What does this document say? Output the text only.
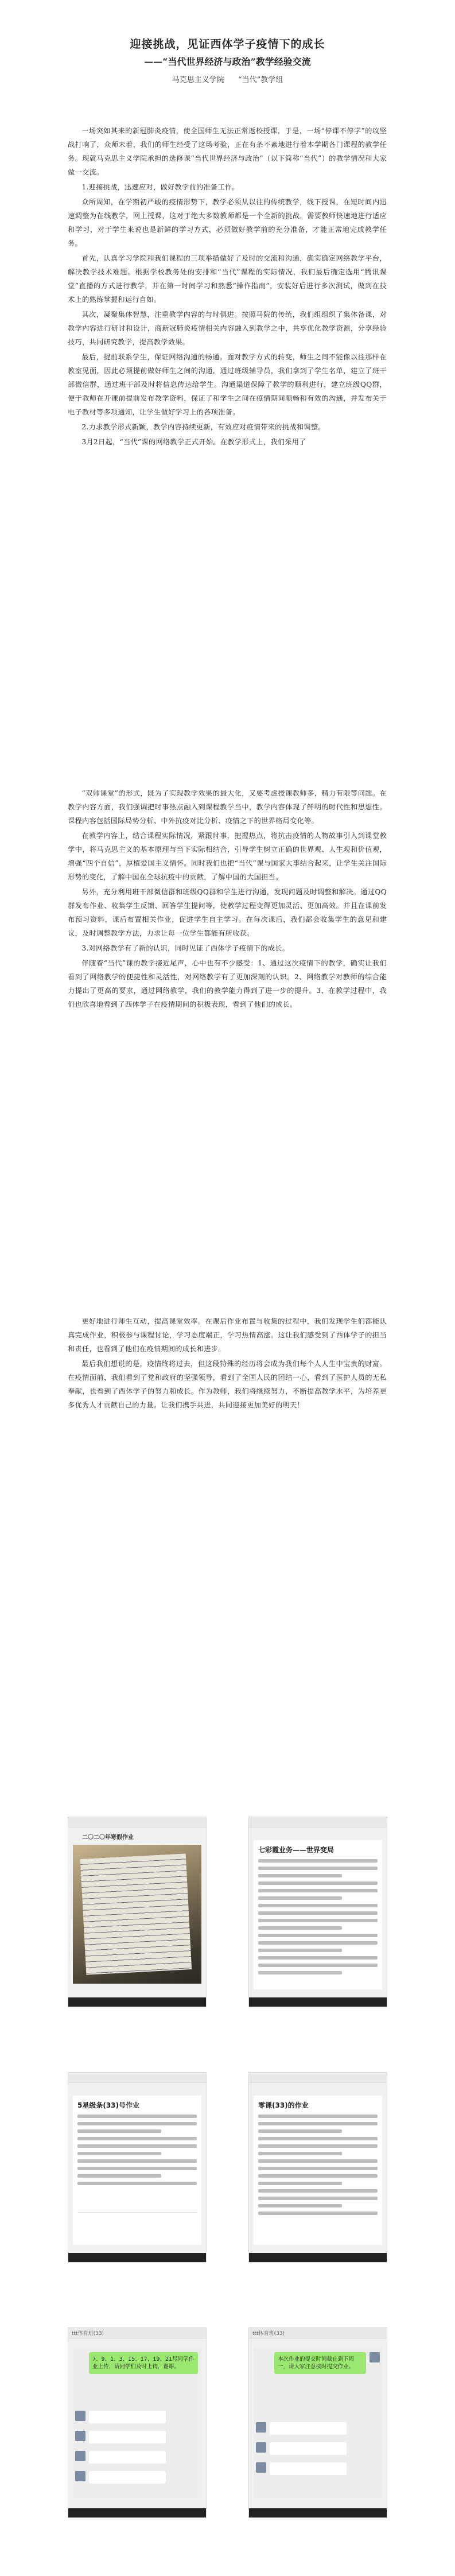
迎接挑战，见证西体学子疫情下的成长
——“当代世界经济与政治”教学经验交流
马克思主义学院 “当代”教学组

一场突如其来的新冠肺炎疫情，使全国师生无法正常返校授课，于是，一场“停课不停学”的攻坚战打响了，众师未着，我们的师生经受了这场考验，正在有条不紊地进行着本学期各门课程的教学任务。现就马克思主义学院承担的选修课“当代世界经济与政治”（以下简称“当代”）的教学情况和大家做一交流。

1.迎接挑战，迅速应对，做好教学前的准备工作。

众所周知，在学期初严峻的疫情形势下，教学必须从以往的传统教学，线下授课，在短时间内迅速调整为在线教学，网上授课，这对于绝大多数教师都是一个全新的挑战，需要教师快速地进行适应和学习，对于学生来说也是新鲜的学习方式，必须做好教学前的充分准备，才能正常地完成教学任务。

首先，认真学习学院和我们课程的三项举措做好了及时的交流和沟通，确实确定网络教学平台，解决教学技术难题。根据学校教务处的安排和“当代”课程的实际情况，我们最后确定选用“腾讯课堂”直播的方式进行教学，并在第一时间学习和熟悉“操作指南”，安装好后进行多次测试，做到在技术上的熟练掌握和运行自如。

其次，凝聚集体智慧，注重教学内容的与时俱进。按照马院的传统，我们组组织了集体备课，对教学内容进行研讨和设计，商新冠肺炎疫情相关内容融入到教学之中，共享优化教学资源，分享经验技巧，共同研究教学，提高教学效果。

最后，提前联系学生，保证网络沟通的畅通。面对教学方式的转变，师生之间不能像以往那样在教室见面，因此必须提前做好师生之间的沟通，通过班级辅导员，我们拿到了学生名单，建立了班干部微信群，通过班干部及时将信息传达给学生。沟通渠道保障了教学的顺利进行，建立班级QQ群，便于教师在开课前提前发布教学资料，保证了和学生之间在疫情期间顺畅和有效的沟通，并发布关于电子教材等多项通知，让学生做好学习上的各项准备。

2.力求教学形式新颖，教学内容持续更新，有效应对疫情带来的挑战和调整。

3月2日起，“当代”课的网络教学正式开始。在教学形式上，我们采用了

“双师课堂”的形式，既为了实现教学效果的最大化，又要考虑授课教师多，精力有限等问题。在教学内容方面，我们强调把时事热点融入到课程教学当中，教学内容体现了鲜明的时代性和思想性。课程内容包括国际局势分析、中外抗疫对比分析、疫情之下的世界格局变化等。

在教学内容上，结合课程实际情况，紧跟时事，把握热点，将抗击疫情的人物故事引入到课堂教学中，将马克思主义的基本原理与当下实际相结合，引导学生树立正确的世界观、人生观和价值观，增强“四个自信”，厚植爱国主义情怀。同时我们也把“当代”课与国家大事结合起来，让学生关注国际形势的变化，了解中国在全球抗疫中的贡献，了解中国的大国担当。

另外，充分利用班干部微信群和班级QQ群和学生进行沟通，发现问题及时调整和解决。通过QQ群发布作业、收集学生反馈、回答学生提问等，使教学过程变得更加灵活、更加高效。并且在课前发布预习资料，课后布置相关作业，促进学生自主学习。在每次课后，我们都会收集学生的意见和建议，及时调整教学方法，力求让每一位学生都能有所收获。

3.对网络教学有了新的认识，同时见证了西体学子疫情下的成长。

伴随着“当代”课的教学接近尾声，心中也有不少感受：1、通过这次疫情下的教学，确实让我们看到了网络教学的便捷性和灵活性，对网络教学有了更加深刻的认识。2、网络教学对教师的综合能力提出了更高的要求，通过网络教学，我们的教学能力得到了进一步的提升。3、在教学过程中，我们也欣喜地看到了西体学子在疫情期间的积极表现，看到了他们的成长。

更好地进行师生互动，提高课堂效率。在课后作业布置与收集的过程中，我们发现学生们都能认真完成作业，积极参与课程讨论，学习态度端正，学习热情高涨。这让我们感受到了西体学子的担当和责任，也看到了他们在疫情期间的成长和进步。

最后我们想说的是，疫情终将过去，但这段特殊的经历将会成为我们每个人人生中宝贵的财富。在疫情面前，我们看到了党和政府的坚强领导，看到了全国人民的团结一心，看到了医护人员的无私奉献，也看到了西体学子的努力和成长。作为教师，我们将继续努力，不断提高教学水平，为培养更多优秀人才贡献自己的力量。让我们携手共进，共同迎接更加美好的明天！

二〇二〇年寒假作业
七彩霞业务——世界变局
5星级条(33)号作业	零课(33)的作业
ttt体育班(33)
7、9、1、3、15、17、19、21号同学作业上传，请同学们及时上传，谢谢。
ttt体育班(33)
本次作业的提交时间截止到下周一，请大家注意按时提交作业。
